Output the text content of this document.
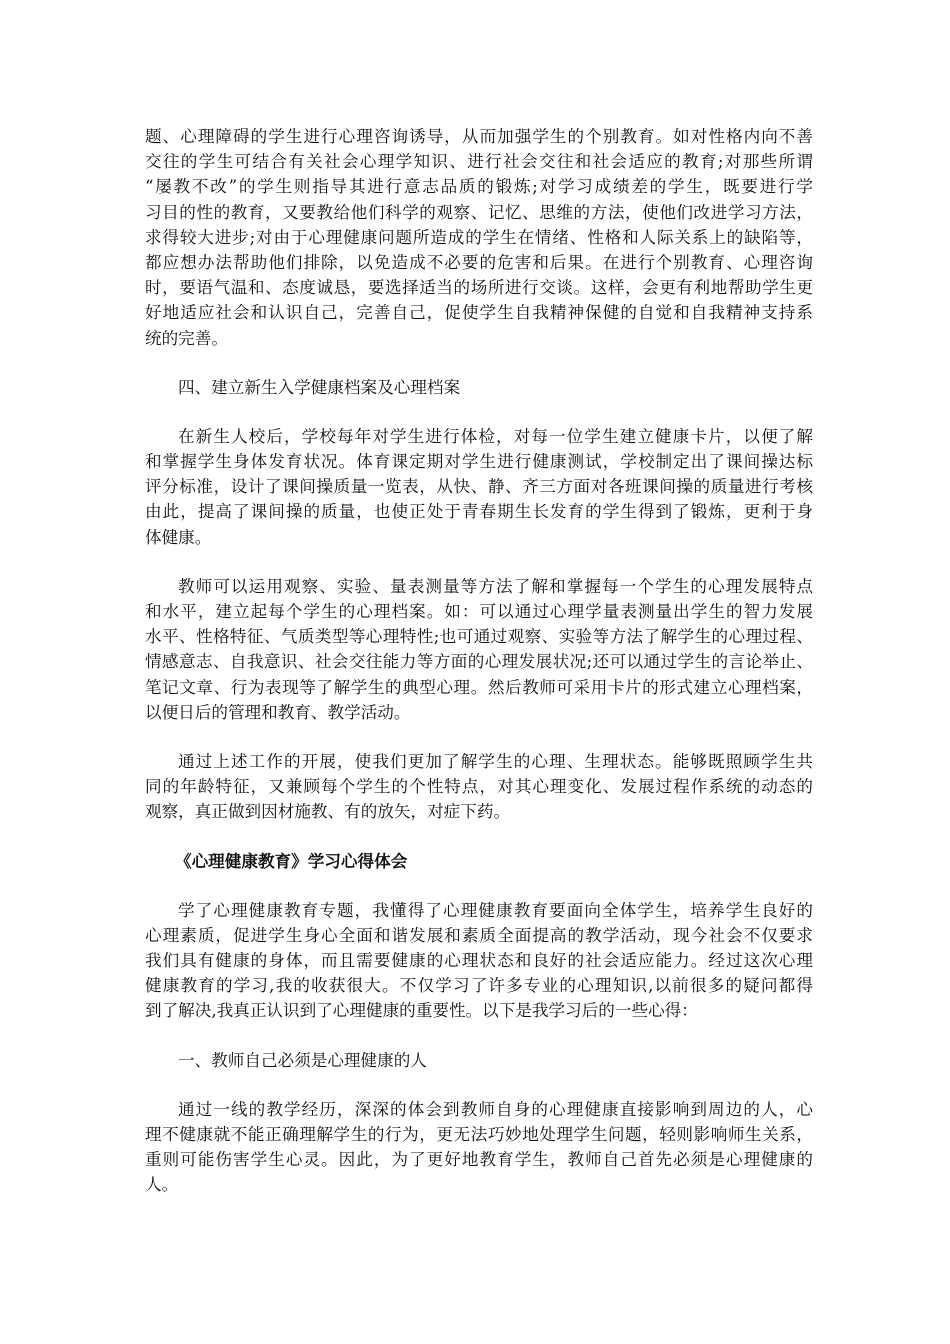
题、心理障碍的学生进行心理咨询诱导，从而加强学生的个别教育。如对性格内向不善
交往的学生可结合有关社会心理学知识、进行社会交往和社会适应的教育;对那些所谓
“屡教不改”的学生则指导其进行意志品质的锻炼;对学习成绩差的学生，既要进行学
习目的性的教育，又要教给他们科学的观察、记忆、思维的方法，使他们改进学习方法，
求得较大进步;对由于心理健康问题所造成的学生在情绪、性格和人际关系上的缺陷等，
都应想办法帮助他们排除，以免造成不必要的危害和后果。在进行个别教育、心理咨询
时，要语气温和、态度诚恳，要选择适当的场所进行交谈。这样，会更有利地帮助学生更
好地适应社会和认识自己，完善自己，促使学生自我精神保健的自觉和自我精神支持系
统的完善。
四、建立新生入学健康档案及心理档案
在新生人校后，学校每年对学生进行体检，对每一位学生建立健康卡片，以便了解
和掌握学生身体发育状况。体育课定期对学生进行健康测试，学校制定出了课间操达标
评分标准，设计了课间操质量一览表，从快、静、齐三方面对各班课间操的质量进行考核
由此，提高了课间操的质量，也使正处于青春期生长发育的学生得到了锻炼，更利于身
体健康。
教师可以运用观察、实验、量表测量等方法了解和掌握每一个学生的心理发展特点
和水平，建立起每个学生的心理档案。如：可以通过心理学量表测量出学生的智力发展
水平、性格特征、气质类型等心理特性;也可通过观察、实验等方法了解学生的心理过程、
情感意志、自我意识、社会交往能力等方面的心理发展状况;还可以通过学生的言论举止、
笔记文章、行为表现等了解学生的典型心理。然后教师可采用卡片的形式建立心理档案，
以便日后的管理和教育、教学活动。
通过上述工作的开展，使我们更加了解学生的心理、生理状态。能够既照顾学生共
同的年龄特征，又兼顾每个学生的个性特点，对其心理变化、发展过程作系统的动态的
观察，真正做到因材施教、有的放矢，对症下药。
《心理健康教育》学习心得体会
学了心理健康教育专题，我懂得了心理健康教育要面向全体学生，培养学生良好的
心理素质，促进学生身心全面和谐发展和素质全面提高的教学活动，现今社会不仅要求
我们具有健康的身体，而且需要健康的心理状态和良好的社会适应能力。经过这次心理
健康教育的学习,我的收获很大。不仅学习了许多专业的心理知识,以前很多的疑问都得
到了解决,我真正认识到了心理健康的重要性。以下是我学习后的一些心得：
一、教师自己必须是心理健康的人
通过一线的教学经历，深深的体会到教师自身的心理健康直接影响到周边的人，心
理不健康就不能正确理解学生的行为，更无法巧妙地处理学生问题，轻则影响师生关系，
重则可能伤害学生心灵。因此，为了更好地教育学生，教师自己首先必须是心理健康的
人。
